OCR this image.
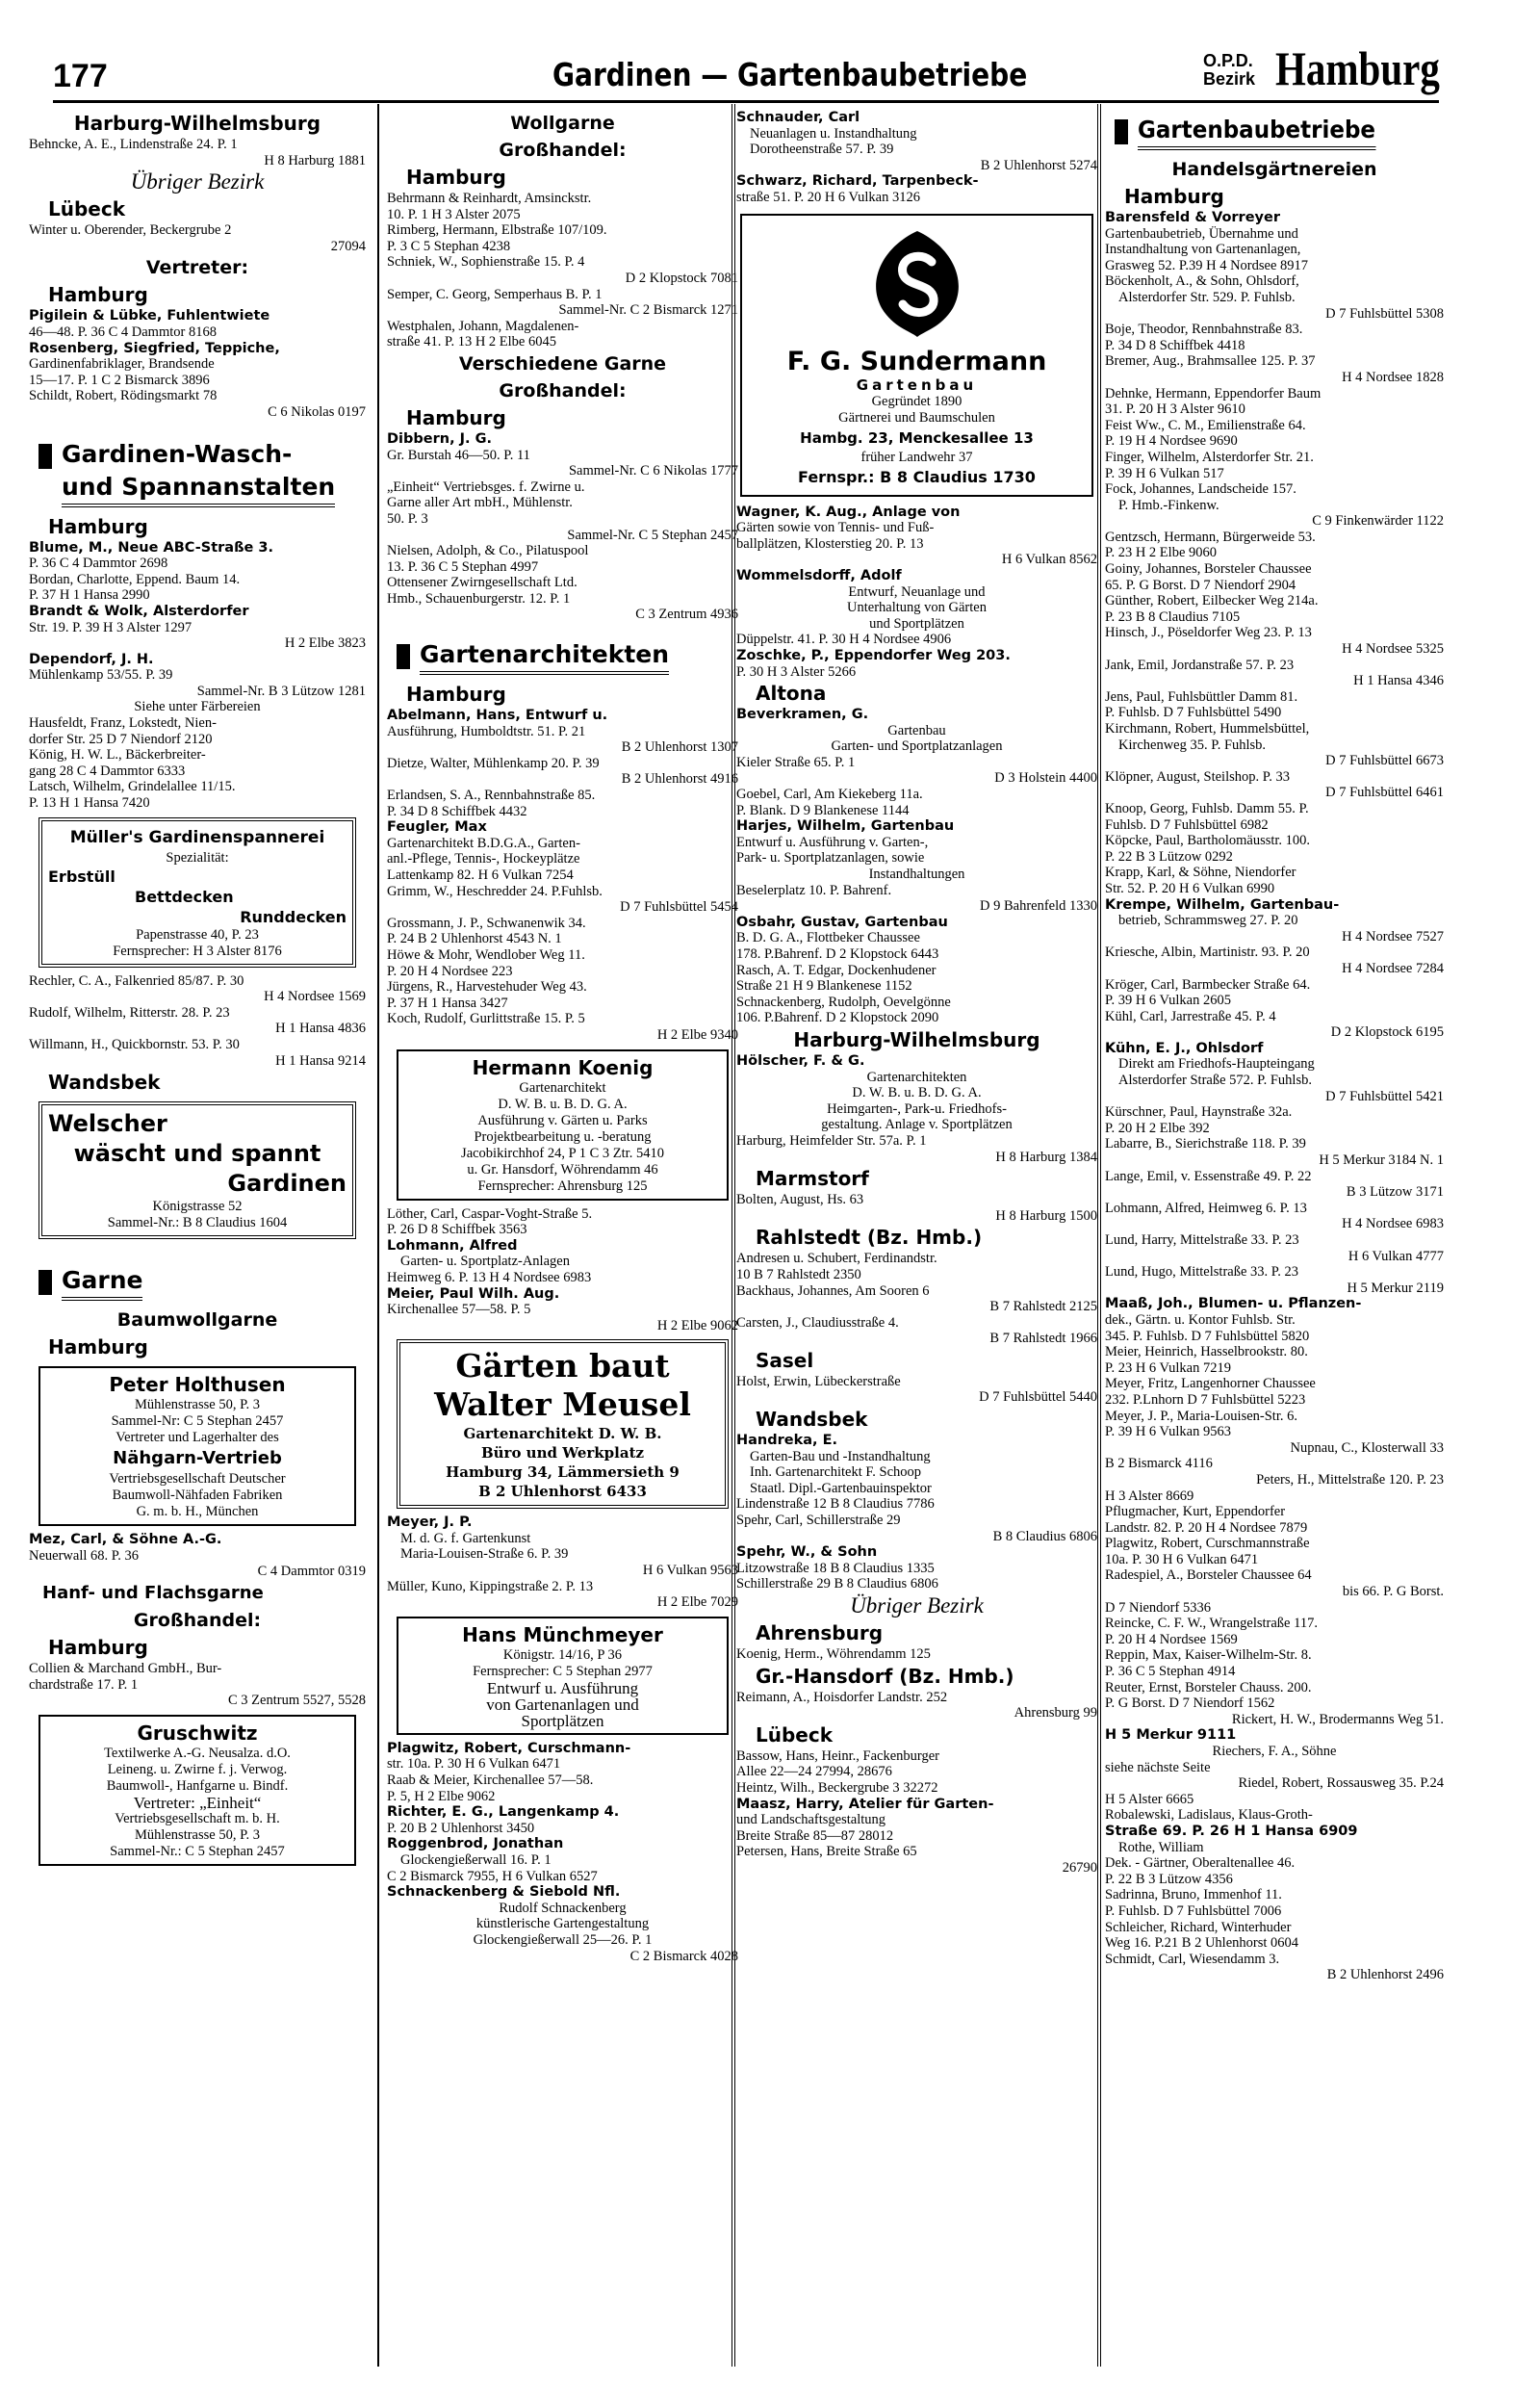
177	Gardinen — Gartenbaubetriebe	O.P.D.
Bezirk Hamburg
Harburg-Wilhelmsburg
Behncke, A. E., Lindenstraße 24. P. 1
H 8 Harburg 1881
Übriger Bezirk
Lübeck
Winter u. Oberender, Beckergrube 2
27094
Vertreter:
Hamburg
Pigilein & Lübke, Fuhlentwiete
46—48. P. 36 C 4 Dammtor 8168
Rosenberg, Siegfried, Teppiche,
Gardinenfabriklager, Brandsende
15—17. P. 1 C 2 Bismarck 3896
Schildt, Robert, Rödingsmarkt 78
C 6 Nikolas 0197
Gardinen-Wasch-
und Spannanstalten
Hamburg
Blume, M., Neue ABC-Straße 3.
P. 36 C 4 Dammtor 2698
Bordan, Charlotte, Eppend. Baum 14.
P. 37 H 1 Hansa 2990
Brandt & Wolk, Alsterdorfer
Str. 19. P. 39 H 3 Alster 1297
H 2 Elbe 3823
Dependorf, J. H.
Mühlenkamp 53/55. P. 39
Sammel-Nr. B 3 Lützow 1281
Siehe unter Färbereien
Hausfeldt, Franz, Lokstedt, Nien-
dorfer Str. 25 D 7 Niendorf 2120
König, H. W. L., Bäckerbreiter-
gang 28 C 4 Dammtor 6333
Latsch, Wilhelm, Grindelallee 11/15.
P. 13 H 1 Hansa 7420
Müller's Gardinenspannerei
Spezialität:
Erbstüll
Bettdecken
Runddecken
Papenstrasse 40, P. 23
Fernsprecher: H 3 Alster 8176
Rechler, C. A., Falkenried 85/87. P. 30
H 4 Nordsee 1569
Rudolf, Wilhelm, Ritterstr. 28. P. 23
H 1 Hansa 4836
Willmann, H., Quickbornstr. 53. P. 30
H 1 Hansa 9214
Wandsbek
Welscher
wäscht und spannt
Gardinen
Königstrasse 52
Sammel-Nr.: B 8 Claudius 1604
Garne
Baumwollgarne
Hamburg
Peter Holthusen
Mühlenstrasse 50, P. 3
Sammel-Nr: C 5 Stephan 2457
Vertreter und Lagerhalter des
Nähgarn-Vertrieb
Vertriebsgesellschaft Deutscher
Baumwoll-Nähfaden Fabriken
G. m. b. H., München
Mez, Carl, & Söhne A.-G.
Neuerwall 68. P. 36
C 4 Dammtor 0319
Hanf- und Flachsgarne
Großhandel:
Hamburg
Collien & Marchand GmbH., Bur-
chardstraße 17. P. 1
C 3 Zentrum 5527, 5528
Gruschwitz
Textilwerke A.-G. Neusalza. d.O.
Leineng. u. Zwirne f. j. Verwog.
Baumwoll-, Hanfgarne u. Bindf.
Vertreter: „Einheit“
Vertriebsgesellschaft m. b. H.
Mühlenstrasse 50, P. 3
Sammel-Nr.: C 5 Stephan 2457
Wollgarne
Großhandel:
Hamburg
Behrmann & Reinhardt, Amsinckstr.
10. P. 1 H 3 Alster 2075
Rimberg, Hermann, Elbstraße 107/109.
P. 3 C 5 Stephan 4238
Schniek, W., Sophienstraße 15. P. 4
D 2 Klopstock 7081
Semper, C. Georg, Semperhaus B. P. 1
Sammel-Nr. C 2 Bismarck 1271
Westphalen, Johann, Magdalenen-
straße 41. P. 13 H 2 Elbe 6045
Verschiedene Garne
Großhandel:
Hamburg
Dibbern, J. G.
Gr. Burstah 46—50. P. 11
Sammel-Nr. C 6 Nikolas 1777
„Einheit“ Vertriebsges. f. Zwirne u.
Garne aller Art mbH., Mühlenstr.
50. P. 3
Sammel-Nr. C 5 Stephan 2457
Nielsen, Adolph, & Co., Pilatuspool
13. P. 36 C 5 Stephan 4997
Ottensener Zwirngesellschaft Ltd.
Hmb., Schauenburgerstr. 12. P. 1
C 3 Zentrum 4936
Gartenarchitekten
Hamburg
Abelmann, Hans, Entwurf u.
Ausführung, Humboldtstr. 51. P. 21
B 2 Uhlenhorst 1307
Dietze, Walter, Mühlenkamp 20. P. 39
B 2 Uhlenhorst 4916
Erlandsen, S. A., Rennbahnstraße 85.
P. 34 D 8 Schiffbek 4432
Feugler, Max
Gartenarchitekt B.D.G.A., Garten-
anl.-Pflege, Tennis-, Hockeyplätze
Lattenkamp 82. H 6 Vulkan 7254
Grimm, W., Heschredder 24. P.Fuhlsb.
D 7 Fuhlsbüttel 5454
Grossmann, J. P., Schwanenwik 34.
P. 24 B 2 Uhlenhorst 4543 N. 1
Höwe & Mohr, Wendlober Weg 11.
P. 20 H 4 Nordsee 223
Jürgens, R., Harvestehuder Weg 43.
P. 37 H 1 Hansa 3427
Koch, Rudolf, Gurlittstraße 15. P. 5
H 2 Elbe 9340
Hermann Koenig
Gartenarchitekt
D. W. B. u. B. D. G. A.
Ausführung v. Gärten u. Parks
Projektbearbeitung u. -beratung
Jacobikirchhof 24, P 1 C 3 Ztr. 5410
u. Gr. Hansdorf, Wöhrendamm 46
Fernsprecher: Ahrensburg 125
Löther, Carl, Caspar-Voght-Straße 5.
P. 26 D 8 Schiffbek 3563
Lohmann, Alfred
Garten- u. Sportplatz-Anlagen
Heimweg 6. P. 13 H 4 Nordsee 6983
Meier, Paul Wilh. Aug.
Kirchenallee 57—58. P. 5
H 2 Elbe 9062
Gärten baut
Walter Meusel
Gartenarchitekt D. W. B.
Büro und Werkplatz
Hamburg 34, Lämmersieth 9
B 2 Uhlenhorst 6433
Meyer, J. P.
M. d. G. f. Gartenkunst
Maria-Louisen-Straße 6. P. 39
H 6 Vulkan 9563
Müller, Kuno, Kippingstraße 2. P. 13
H 2 Elbe 7029
Hans Münchmeyer
Königstr. 14/16, P 36
Fernsprecher: C 5 Stephan 2977
Entwurf u. Ausführung
von Gartenanlagen und
Sportplätzen
Plagwitz, Robert, Curschmann-
str. 10a. P. 30 H 6 Vulkan 6471
Raab & Meier, Kirchenallee 57—58.
P. 5, H 2 Elbe 9062
Richter, E. G., Langenkamp 4.
P. 20 B 2 Uhlenhorst 3450
Roggenbrod, Jonathan
Glockengießerwall 16. P. 1
C 2 Bismarck 7955, H 6 Vulkan 6527
Schnackenberg & Siebold Nfl.
Rudolf Schnackenberg
künstlerische Gartengestaltung
Glockengießerwall 25—26. P. 1
C 2 Bismarck 4028
Schnauder, Carl
Neuanlagen u. Instandhaltung
Dorotheenstraße 57. P. 39
B 2 Uhlenhorst 5274
Schwarz, Richard, Tarpenbeck-
straße 51. P. 20 H 6 Vulkan 3126
F. G. Sundermann
Gartenbau
Gegründet 1890
Gärtnerei und Baumschulen
Hambg. 23, Menckesallee 13
früher Landwehr 37
Fernspr.: B 8 Claudius 1730
Wagner, K. Aug., Anlage von
Gärten sowie von Tennis- und Fuß-
ballplätzen, Klosterstieg 20. P. 13
H 6 Vulkan 8562
Wommelsdorff, Adolf
Entwurf, Neuanlage und
Unterhaltung von Gärten
und Sportplätzen
Düppelstr. 41. P. 30 H 4 Nordsee 4906
Zoschke, P., Eppendorfer Weg 203.
P. 30 H 3 Alster 5266
Altona
Beverkramen, G.
Gartenbau
Garten- und Sportplatzanlagen
Kieler Straße 65. P. 1
D 3 Holstein 4400
Goebel, Carl, Am Kiekeberg 11a.
P. Blank. D 9 Blankenese 1144
Harjes, Wilhelm, Gartenbau
Entwurf u. Ausführung v. Garten-,
Park- u. Sportplatzanlagen, sowie
Instandhaltungen
Beselerplatz 10. P. Bahrenf.
D 9 Bahrenfeld 1330
Osbahr, Gustav, Gartenbau
B. D. G. A., Flottbeker Chaussee
178. P.Bahrenf. D 2 Klopstock 6443
Rasch, A. T. Edgar, Dockenhudener
Straße 21 H 9 Blankenese 1152
Schnackenberg, Rudolph, Oevelgönne
106. P.Bahrenf. D 2 Klopstock 2090
Harburg-Wilhelmsburg
Hölscher, F. & G.
Gartenarchitekten
D. W. B. u. B. D. G. A.
Heimgarten-, Park-u. Friedhofs-
gestaltung. Anlage v. Sportplätzen
Harburg, Heimfelder Str. 57a. P. 1
H 8 Harburg 1384
Marmstorf
Bolten, August, Hs. 63
H 8 Harburg 1500
Rahlstedt (Bz. Hmb.)
Andresen u. Schubert, Ferdinandstr.
10 B 7 Rahlstedt 2350
Backhaus, Johannes, Am Sooren 6
B 7 Rahlstedt 2125
Carsten, J., Claudiusstraße 4.
B 7 Rahlstedt 1966
Sasel
Holst, Erwin, Lübeckerstraße
D 7 Fuhlsbüttel 5440
Wandsbek
Handreka, E.
Garten-Bau und -Instandhaltung
Inh. Gartenarchitekt F. Schoop
Staatl. Dipl.-Gartenbauinspektor
Lindenstraße 12 B 8 Claudius 7786
Spehr, Carl, Schillerstraße 29
B 8 Claudius 6806
Spehr, W., & Sohn
Litzowstraße 18 B 8 Claudius 1335
Schillerstraße 29 B 8 Claudius 6806
Übriger Bezirk
Ahrensburg
Koenig, Herm., Wöhrendamm 125
Gr.-Hansdorf (Bz. Hmb.)
Reimann, A., Hoisdorfer Landstr. 252
Ahrensburg 99
Lübeck
Bassow, Hans, Heinr., Fackenburger
Allee 22—24 27994, 28676
Heintz, Wilh., Beckergrube 3 32272
Maasz, Harry, Atelier für Garten-
und Landschaftsgestaltung
Breite Straße 85—87 28012
Petersen, Hans, Breite Straße 65
26790
Gartenbaubetriebe
Handelsgärtnereien
Hamburg
Barensfeld & Vorreyer
Gartenbaubetrieb, Übernahme und
Instandhaltung von Gartenanlagen,
Grasweg 52. P.39 H 4 Nordsee 8917
Böckenholt, A., & Sohn, Ohlsdorf,
Alsterdorfer Str. 529. P. Fuhlsb.
D 7 Fuhlsbüttel 5308
Boje, Theodor, Rennbahnstraße 83.
P. 34 D 8 Schiffbek 4418
Bremer, Aug., Brahmsallee 125. P. 37
H 4 Nordsee 1828
Dehnke, Hermann, Eppendorfer Baum
31. P. 20 H 3 Alster 9610
Feist Ww., C. M., Emilienstraße 64.
P. 19 H 4 Nordsee 9690
Finger, Wilhelm, Alsterdorfer Str. 21.
P. 39 H 6 Vulkan 517
Fock, Johannes, Landscheide 157.
P. Hmb.-Finkenw.
C 9 Finkenwärder 1122
Gentzsch, Hermann, Bürgerweide 53.
P. 23 H 2 Elbe 9060
Goiny, Johannes, Borsteler Chaussee
65. P. G Borst. D 7 Niendorf 2904
Günther, Robert, Eilbecker Weg 214a.
P. 23 B 8 Claudius 7105
Hinsch, J., Pöseldorfer Weg 23. P. 13
H 4 Nordsee 5325
Jank, Emil, Jordanstraße 57. P. 23
H 1 Hansa 4346
Jens, Paul, Fuhlsbüttler Damm 81.
P. Fuhlsb. D 7 Fuhlsbüttel 5490
Kirchmann, Robert, Hummelsbüttel,
Kirchenweg 35. P. Fuhlsb.
D 7 Fuhlsbüttel 6673
Klöpner, August, Steilshop. P. 33
D 7 Fuhlsbüttel 6461
Knoop, Georg, Fuhlsb. Damm 55. P.
Fuhlsb. D 7 Fuhlsbüttel 6982
Köpcke, Paul, Bartholomäusstr. 100.
P. 22 B 3 Lützow 0292
Krapp, Karl, & Söhne, Niendorfer
Str. 52. P. 20 H 6 Vulkan 6990
Krempe, Wilhelm, Gartenbau-
betrieb, Schrammsweg 27. P. 20
H 4 Nordsee 7527
Kriesche, Albin, Martinistr. 93. P. 20
H 4 Nordsee 7284
Kröger, Carl, Barmbecker Straße 64.
P. 39 H 6 Vulkan 2605
Kühl, Carl, Jarrestraße 45. P. 4
D 2 Klopstock 6195
Kühn, E. J., Ohlsdorf
Direkt am Friedhofs-Haupteingang
Alsterdorfer Straße 572. P. Fuhlsb.
D 7 Fuhlsbüttel 5421
Kürschner, Paul, Haynstraße 32a.
P. 20 H 2 Elbe 392
Labarre, B., Sierichstraße 118. P. 39
H 5 Merkur 3184 N. 1
Lange, Emil, v. Essenstraße 49. P. 22
B 3 Lützow 3171
Lohmann, Alfred, Heimweg 6. P. 13
H 4 Nordsee 6983
Lund, Harry, Mittelstraße 33. P. 23
H 6 Vulkan 4777
Lund, Hugo, Mittelstraße 33. P. 23
H 5 Merkur 2119
Maaß, Joh., Blumen- u. Pflanzen-
dek., Gärtn. u. Kontor Fuhlsb. Str.
345. P. Fuhlsb. D 7 Fuhlsbüttel 5820
Meier, Heinrich, Hasselbrookstr. 80.
P. 23 H 6 Vulkan 7219
Meyer, Fritz, Langenhorner Chaussee
232. P.Lnhorn D 7 Fuhlsbüttel 5223
Meyer, J. P., Maria-Louisen-Str. 6.
P. 39 H 6 Vulkan 9563
Nupnau, C., Klosterwall 33
B 2 Bismarck 4116
Peters, H., Mittelstraße 120. P. 23
H 3 Alster 8669
Pflugmacher, Kurt, Eppendorfer
Landstr. 82. P. 20 H 4 Nordsee 7879
Plagwitz, Robert, Curschmannstraße
10a. P. 30 H 6 Vulkan 6471
Radespiel, A., Borsteler Chaussee 64
bis 66. P. G Borst.
D 7 Niendorf 5336
Reincke, C. F. W., Wrangelstraße 117.
P. 20 H 4 Nordsee 1569
Reppin, Max, Kaiser-Wilhelm-Str. 8.
P. 36 C 5 Stephan 4914
Reuter, Ernst, Borsteler Chauss. 200.
P. G Borst. D 7 Niendorf 1562
Rickert, H. W., Brodermanns Weg 51.
H 5 Merkur 9111
Riechers, F. A., Söhne
siehe nächste Seite
Riedel, Robert, Rossausweg 35. P.24
H 5 Alster 6665
Robalewski, Ladislaus, Klaus-Groth-
Straße 69. P. 26 H 1 Hansa 6909
Rothe, William
Dek. - Gärtner, Oberaltenallee 46.
P. 22 B 3 Lützow 4356
Sadrinna, Bruno, Immenhof 11.
P. Fuhlsb. D 7 Fuhlsbüttel 7006
Schleicher, Richard, Winterhuder
Weg 16. P.21 B 2 Uhlenhorst 0604
Schmidt, Carl, Wiesendamm 3.
B 2 Uhlenhorst 2496
